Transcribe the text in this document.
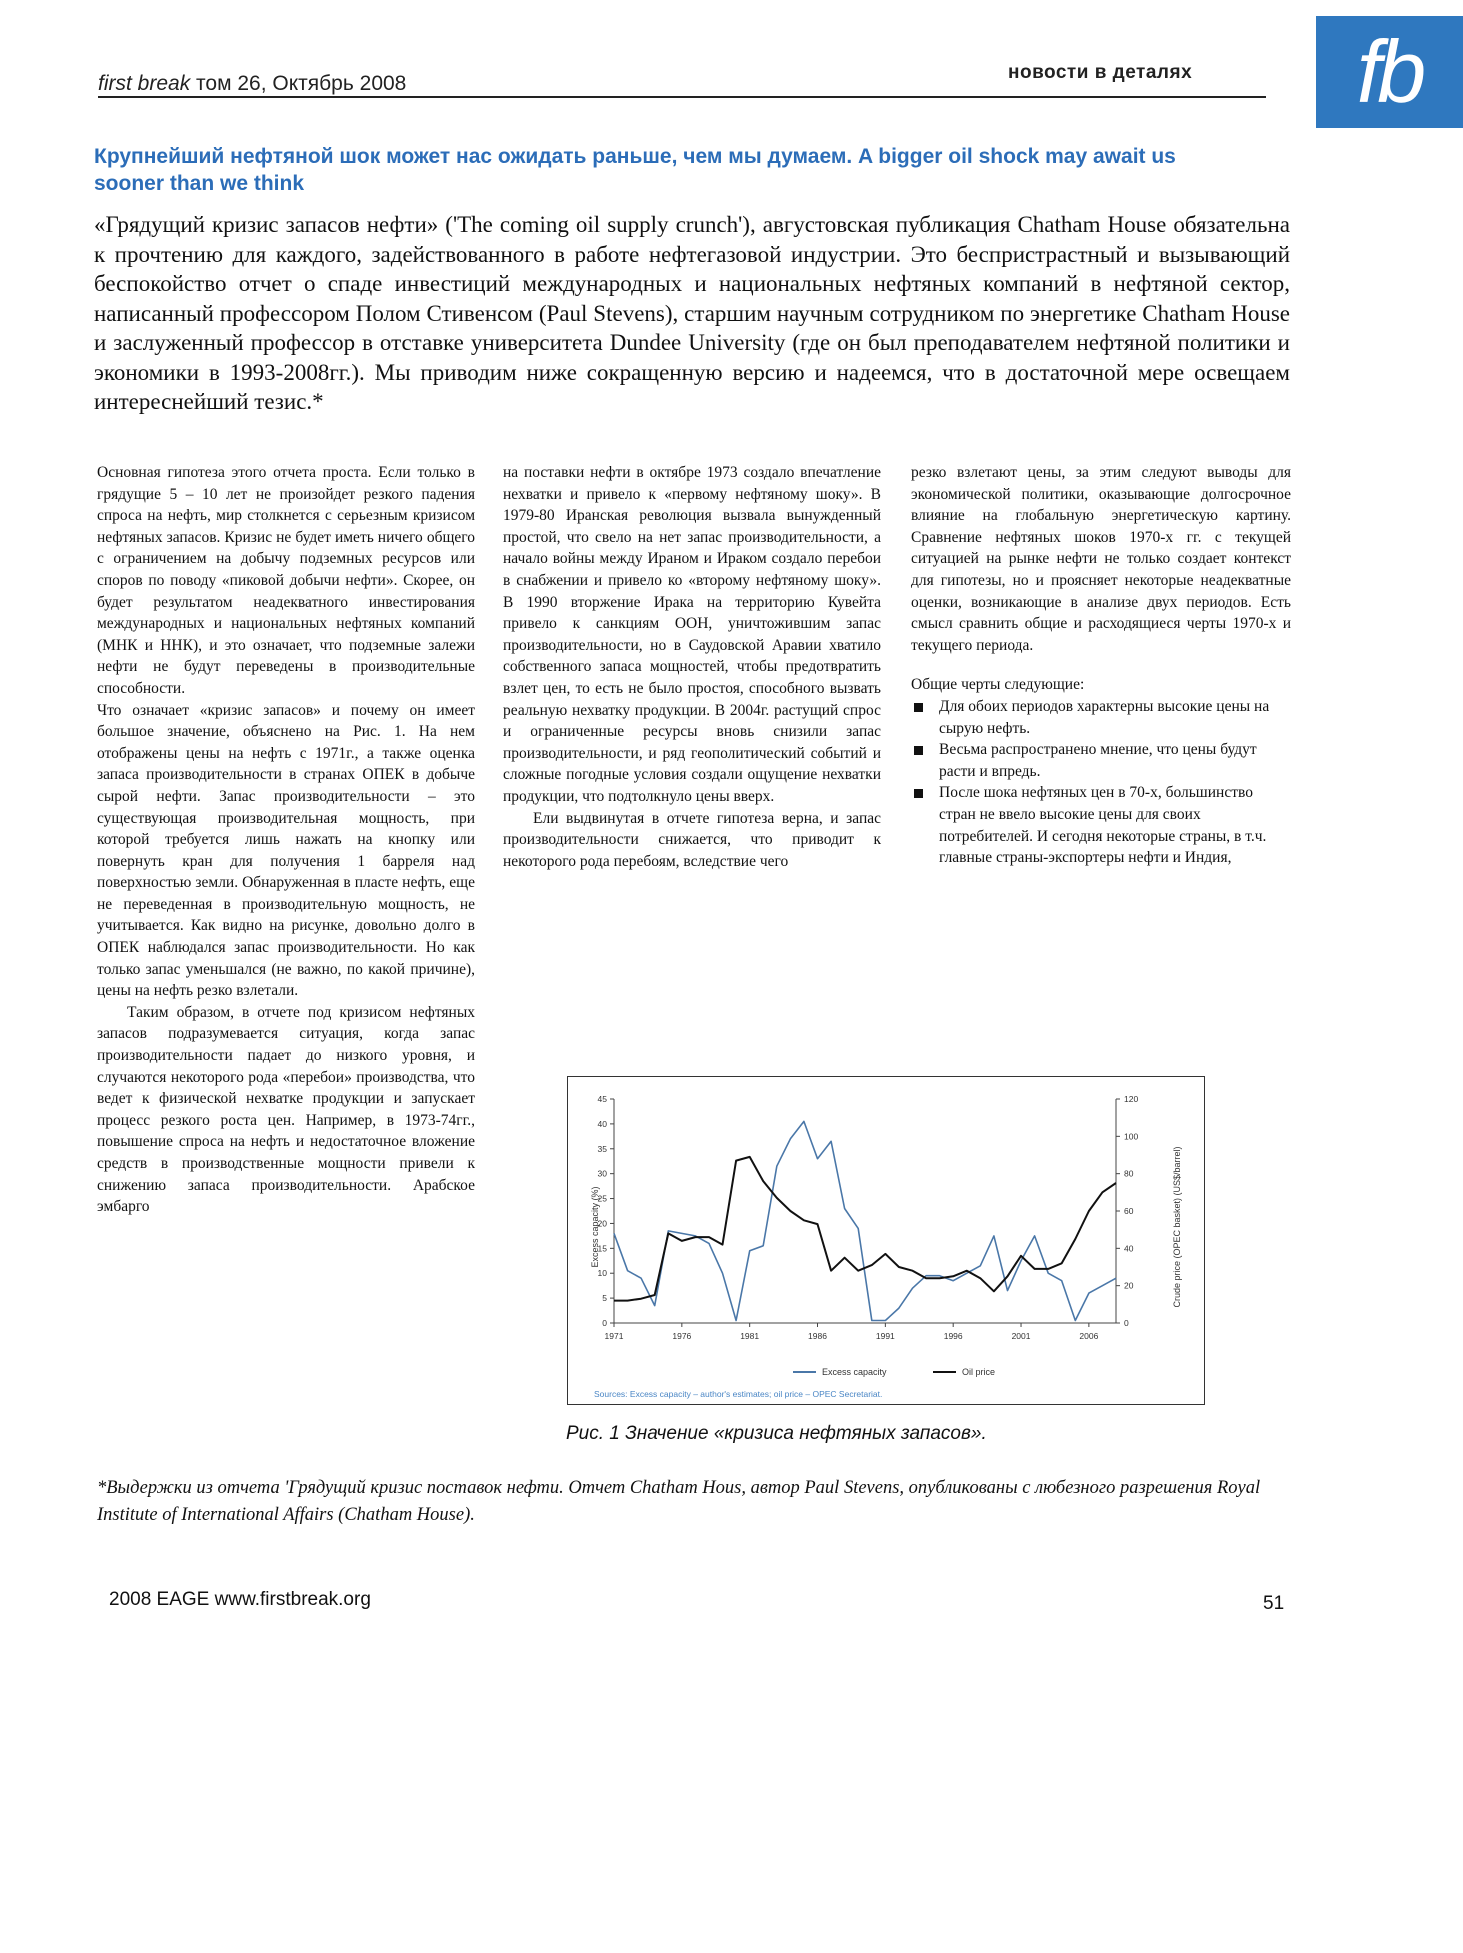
first break том 26, Октябрь 2008	новости в деталях	fb
Крупнейший нефтяной шок может нас ожидать раньше, чем мы думаем. A bigger oil shock may await us sooner than we think
«Грядущий кризис запасов нефти» ('The coming oil supply crunch'), августовская публикация Chatham House обязательна к прочтению для каждого, задействованного в работе нефтегазовой индустрии. Это беспристрастный и вызывающий беспокойство отчет о спаде инвестиций международных и национальных нефтяных компаний в нефтяной сектор, написанный профессором Полом Стивенсом (Paul Stevens), старшим научным сотрудником по энергетике Chatham House и заслуженный профессор в отставке университета Dundee University (где он был преподавателем нефтяной политики и экономики в 1993-2008гг.). Мы приводим ниже сокращенную версию и надеемся, что в достаточной мере освещаем интереснейший тезис.*

Основная гипотеза этого отчета проста. Если только в грядущие 5 – 10 лет не произойдет резкого падения спроса на нефть, мир столкнется с серьезным кризисом нефтяных запасов. Кризис не будет иметь ничего общего с ограничением на добычу подземных ресурсов или споров по поводу «пиковой добычи нефти». Скорее, он будет результатом неадекватного инвестирования международных и национальных нефтяных компаний (МНК и ННК), и это означает, что подземные залежи нефти не будут переведены в производительные способности.

Что означает «кризис запасов» и почему он имеет большое значение, объяснено на Рис. 1. На нем отображены цены на нефть с 1971г., а также оценка запаса производительности в странах ОПЕК в добыче сырой нефти. Запас производительности – это существующая производительная мощность, при которой требуется лишь нажать на кнопку или повернуть кран для получения 1 барреля над поверхностью земли. Обнаруженная в пласте нефть, еще не переведенная в производительную мощность, не учитывается. Как видно на рисунке, довольно долго в ОПЕК наблюдался запас производительности. Но как только запас уменьшался (не важно, по какой причине), цены на нефть резко взлетали.

Таким образом, в отчете под кризисом нефтяных запасов подразумевается ситуация, когда запас производительности падает до низкого уровня, и случаются некоторого рода «перебои» производства, что ведет к физической нехватке продукции и запускает процесс резкого роста цен. Например, в 1973-74гг., повышение спроса на нефть и недостаточное вложение средств в производственные мощности привели к снижению запаса производительности. Арабское эмбарго

на поставки нефти в октябре 1973 создало впечатление нехватки и привело к «первому нефтяному шоку». В 1979-80 Иранская революция вызвала вынужденный простой, что свело на нет запас производительности, а начало войны между Ираном и Ираком создало перебои в снабжении и привело ко «второму нефтяному шоку». В 1990 вторжение Ирака на территорию Кувейта привело к санкциям ООН, уничтожившим запас производительности, но в Саудовской Аравии хватило собственного запаса мощностей, чтобы предотвратить взлет цен, то есть не было простоя, способного вызвать реальную нехватку продукции. В 2004г. растущий спрос и ограниченные ресурсы вновь снизили запас производительности, и ряд геополитический событий и сложные погодные условия создали ощущение нехватки продукции, что подтолкнуло цены вверх.

Ели выдвинутая в отчете гипотеза верна, и запас производительности снижается, что приводит к некоторого рода перебоям, вследствие чего

резко взлетают цены, за этим следуют выводы для экономической политики, оказывающие долгосрочное влияние на глобальную энергетическую картину. Сравнение нефтяных шоков 1970-х гг. с текущей ситуацией на рынке нефти не только создает контекст для гипотезы, но и проясняет некоторые неадекватные оценки, возникающие в анализе двух периодов. Есть смысл сравнить общие и расходящиеся черты 1970-х и текущего периода.

Общие черты следующие:

Для обоих периодов характерны высокие цены на сырую нефть.
Весьма распространено мнение, что цены будут расти и впредь.
После шока нефтяных цен в 70-х, большинство стран не ввело высокие цены для своих потребителей. И сегодня некоторые страны, в т.ч. главные страны-экспортеры нефти и Индия,
0
5
10
15
20
25
30
35
40
45
0
20
40
60
80
100
120
1971	1976	1981	1986	1991	1996	2001	2006
Excess capacity	Oil price
Sources: Excess capacity – author's estimates; oil price – OPEC Secretariat.
Excess capacity (%)	Crude price (OPEC basket) (US$/barrel)
Рис. 1 Значение «кризиса нефтяных запасов».
*Выдержки из отчета 'Грядущий кризис поставок нефти. Отчет Chatham Hous, автор Paul Stevens, опубликованы с любезного разрешения Royal Institute of International Affairs (Chatham House).
2008 EAGE www.firstbreak.org	51
